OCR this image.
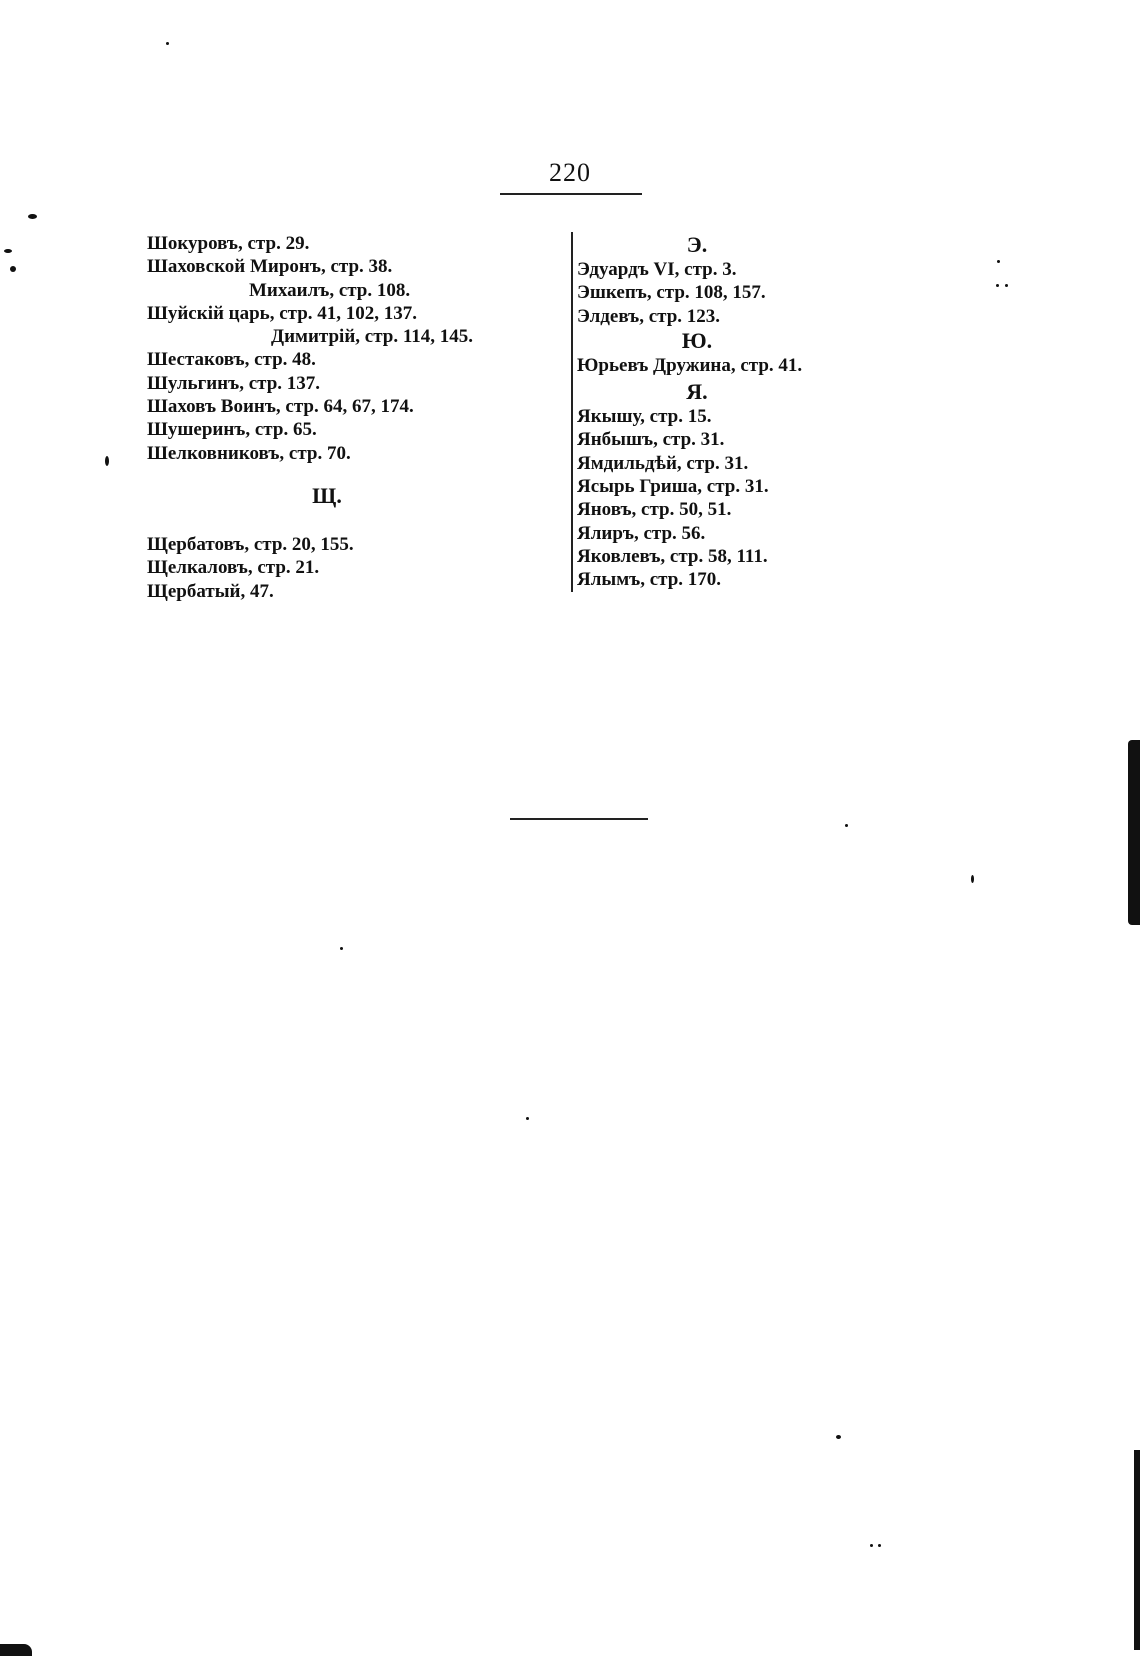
220
Шокуровъ, стр. 29.
Шаховской Миронъ, стр. 38.
Михаилъ, стр. 108.
Шуйскій царь, стр. 41, 102, 137.
Димитрій, стр. 114, 145.
Шестаковъ, стр. 48.
Шульгинъ, стр. 137.
Шаховъ Воинъ, стр. 64, 67, 174.
Шушеринъ, стр. 65.
Шелковниковъ, стр. 70.
Щ.
Щербатовъ, стр. 20, 155.
Щелкаловъ, стр. 21.
Щербатый, 47.
Э.
Эдуардъ VI, стр. 3.
Эшкепъ, стр. 108, 157.
Элдевъ, стр. 123.
Ю.
Юрьевъ Дружина, стр. 41.
Я.
Якышу, стр. 15.
Янбышъ, стр. 31.
Ямдильдѣй, стр. 31.
Ясырь Гриша, стр. 31.
Яновъ, стр. 50, 51.
Ялиръ, стр. 56.
Яковлевъ, стр. 58, 111.
Ялымъ, стр. 170.
